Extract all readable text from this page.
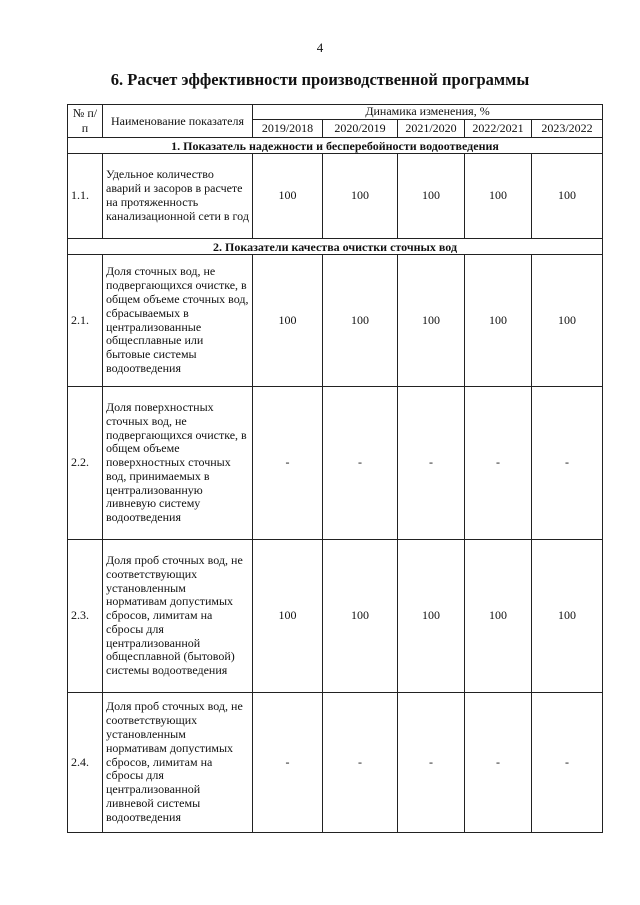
4
6. Расчет эффективности производственной программы
№ п/п	Наименование показателя	Динамика изменения, %				
		2019/2018	2020/2019	2021/2020	2022/2021	2023/2022
1. Показатель надежности и бесперебойности водоотведения						
1.1.	Удельное количество аварий и засоров в расчете на протяженность канализационной сети в год	100	100	100	100	100
2. Показатели качества очистки сточных вод						
2.1.	Доля сточных вод, не подвергающихся очистке, в общем объеме сточных вод, сбрасываемых в централизованные общесплавные или бытовые системы водоотведения	100	100	100	100	100
2.2.	Доля поверхностных сточных вод, не подвергающихся очистке, в общем объеме поверхностных сточных вод, принимаемых в централизованную ливневую систему водоотведения	-	-	-	-	-
2.3.	Доля проб сточных вод, не соответствующих установленным нормативам допустимых сбросов, лимитам на сбросы для централизованной общесплавной (бытовой) системы водоотведения	100	100	100	100	100
2.4.	Доля проб сточных вод, не соответствующих установленным нормативам допустимых сбросов, лимитам на сбросы для централизованной ливневой системы водоотведения	-	-	-	-	-
